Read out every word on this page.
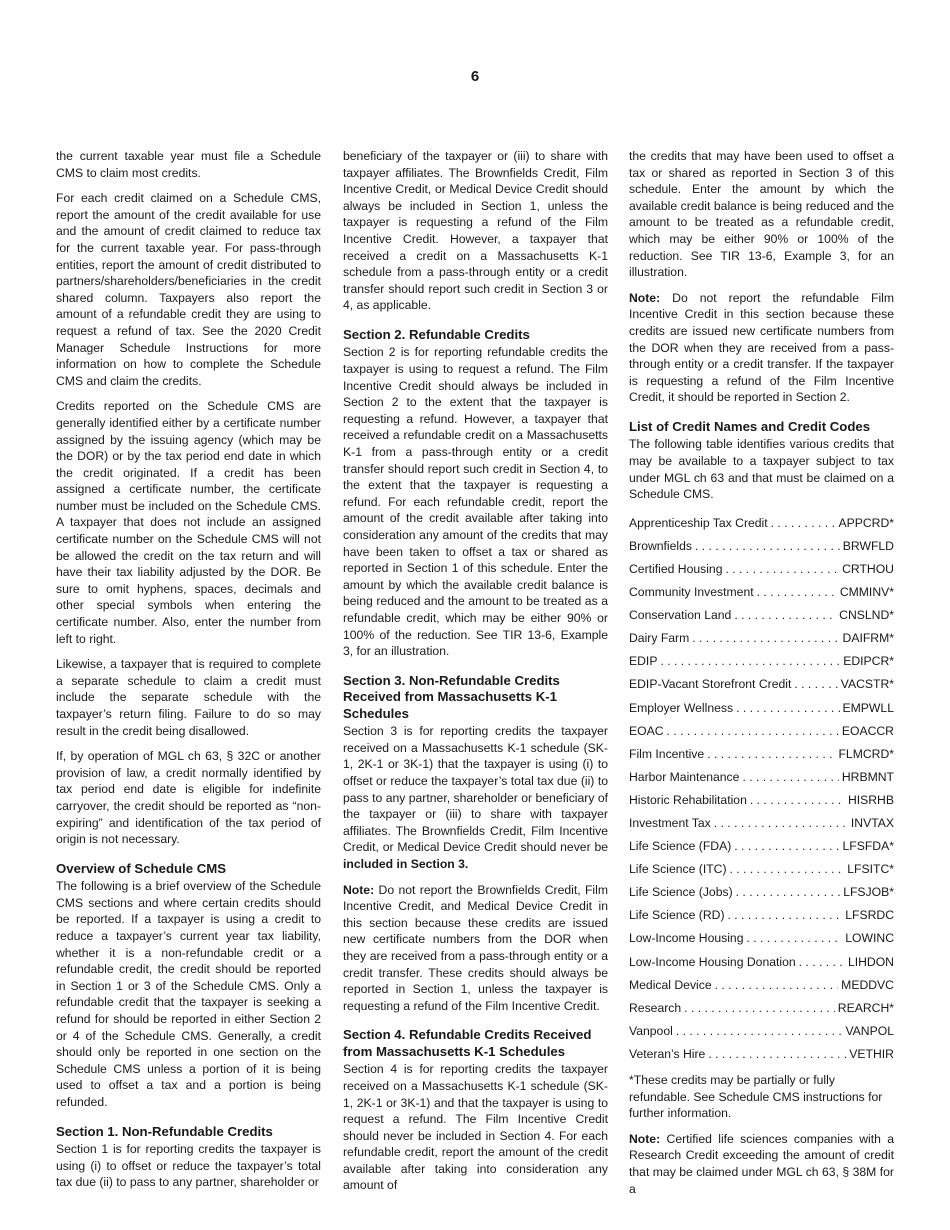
6

the current taxable year must file a Schedule CMS to claim most credits.

For each credit claimed on a Schedule CMS, report the amount of the credit available for use and the amount of credit claimed to reduce tax for the current taxable year. For pass-through entities, report the amount of credit distributed to partners/shareholders/beneficiaries in the credit shared column. Taxpayers also report the amount of a refundable credit they are using to request a refund of tax. See the 2020 Credit Manager Schedule Instructions for more information on how to complete the Schedule CMS and claim the credits.

Credits reported on the Schedule CMS are generally identified either by a certificate number assigned by the issuing agency (which may be the DOR) or by the tax period end date in which the credit originated. If a credit has been assigned a certificate number, the certificate number must be included on the Schedule CMS. A taxpayer that does not include an assigned certificate number on the Schedule CMS will not be allowed the credit on the tax return and will have their tax liability adjusted by the DOR. Be sure to omit hyphens, spaces, decimals and other special symbols when entering the certificate number. Also, enter the number from left to right.

Likewise, a taxpayer that is required to complete a separate schedule to claim a credit must include the separate schedule with the taxpayer’s return filing. Failure to do so may result in the credit being disallowed.

If, by operation of MGL ch 63, § 32C or another provision of law, a credit normally identified by tax period end date is eligible for indefinite carryover, the credit should be reported as “non-expiring” and identification of the tax period of origin is not necessary.

Overview of Schedule CMS

The following is a brief overview of the Schedule CMS sections and where certain credits should be reported. If a taxpayer is using a credit to reduce a taxpayer’s current year tax liability, whether it is a non-refundable credit or a refundable credit, the credit should be reported in Section 1 or 3 of the Schedule CMS. Only a refundable credit that the taxpayer is seeking a refund for should be reported in either Section 2 or 4 of the Schedule CMS. Generally, a credit should only be reported in one section on the Schedule CMS unless a portion of it is being used to offset a tax and a portion is being refunded.

Section 1. Non-Refundable Credits

Section 1 is for reporting credits the taxpayer is using (i) to offset or reduce the taxpayer’s total tax due (ii) to pass to any partner, shareholder or

beneficiary of the taxpayer or (iii) to share with taxpayer affiliates. The Brownfields Credit, Film Incentive Credit, or Medical Device Credit should always be included in Section 1, unless the taxpayer is requesting a refund of the Film Incentive Credit. However, a taxpayer that received a credit on a Massachusetts K-1 schedule from a pass-through entity or a credit transfer should report such credit in Section 3 or 4, as applicable.

Section 2. Refundable Credits

Section 2 is for reporting refundable credits the taxpayer is using to request a refund. The Film Incentive Credit should always be included in Section 2 to the extent that the taxpayer is requesting a refund. However, a taxpayer that received a refundable credit on a Massachusetts K-1 from a pass-through entity or a credit transfer should report such credit in Section 4, to the extent that the taxpayer is requesting a refund. For each refundable credit, report the amount of the credit available after taking into consideration any amount of the credits that may have been taken to offset a tax or shared as reported in Section 1 of this schedule. Enter the amount by which the available credit balance is being reduced and the amount to be treated as a refundable credit, which may be either 90% or 100% of the reduction. See TIR 13-6, Example 3, for an illustration.

Section 3. Non-Refundable Credits Received from Massachusetts K-1 Schedules

Section 3 is for reporting credits the taxpayer received on a Massachusetts K-1 schedule (SK-1, 2K-1 or 3K-1) that the taxpayer is using (i) to offset or reduce the taxpayer’s total tax due (ii) to pass to any partner, shareholder or beneficiary of the taxpayer or (iii) to share with taxpayer affiliates. The Brownfields Credit, Film Incentive Credit, or Medical Device Credit should never be included in Section 3.

Note: Do not report the Brownfields Credit, Film Incentive Credit, and Medical Device Credit in this section because these credits are issued new certificate numbers from the DOR when they are received from a pass-through entity or a credit transfer. These credits should always be reported in Section 1, unless the taxpayer is requesting a refund of the Film Incentive Credit.

Section 4. Refundable Credits Received from Massachusetts K-1 Schedules

Section 4 is for reporting credits the taxpayer received on a Massachusetts K-1 schedule (SK-1, 2K-1 or 3K-1) and that the taxpayer is using to request a refund. The Film Incentive Credit should never be included in Section 4. For each refundable credit, report the amount of the credit available after taking into consideration any amount of

the credits that may have been used to offset a tax or shared as reported in Section 3 of this schedule. Enter the amount by which the available credit balance is being reduced and the amount to be treated as a refundable credit, which may be either 90% or 100% of the reduction. See TIR 13-6, Example 3, for an illustration.

Note: Do not report the refundable Film Incentive Credit in this section because these credits are issued new certificate numbers from the DOR when they are received from a pass-through entity or a credit transfer. If the taxpayer is requesting a refund of the Film Incentive Credit, it should be reported in Section 2.

List of Credit Names and Credit Codes

The following table identifies various credits that may be available to a taxpayer subject to tax under MGL ch 63 and that must be claimed on a Schedule CMS.

Apprenticeship Tax Credit . . .	APPCRD*
Brownfields . . .	BRWFLD
Certified Housing . . .	CRTHOU
Community Investment . . .	CMMINV*
Conservation Land . . .	CNSLND*
Dairy Farm . . .	DAIFRM*
EDIP . . .	EDIPCR*
EDIP-Vacant Storefront Credit . . .	VACSTR*
Employer Wellness . . .	EMPWLL
EOAC . . .	EOACCR
Film Incentive . . .	FLMCRD*
Harbor Maintenance . . .	HRBMNT
Historic Rehabilitation . . .	HISRHB
Investment Tax . . .	INVTAX
Life Science (FDA) . . .	LFSFDA*
Life Science (ITC) . . .	LFSITC*
Life Science (Jobs) . . .	LFSJOB*
Life Science (RD) . . .	LFSRDC
Low-Income Housing . . .	LOWINC
Low-Income Housing Donation . . .	LIHDON
Medical Device . . .	MEDDVC
Research . . .	REARCH*
Vanpool . . .	VANPOL
Veteran’s Hire . . .	VETHIR

*These credits may be partially or fully refundable. See Schedule CMS instructions for further information.

Note: Certified life sciences companies with a Research Credit exceeding the amount of credit that may be claimed under MGL ch 63, § 38M for a
